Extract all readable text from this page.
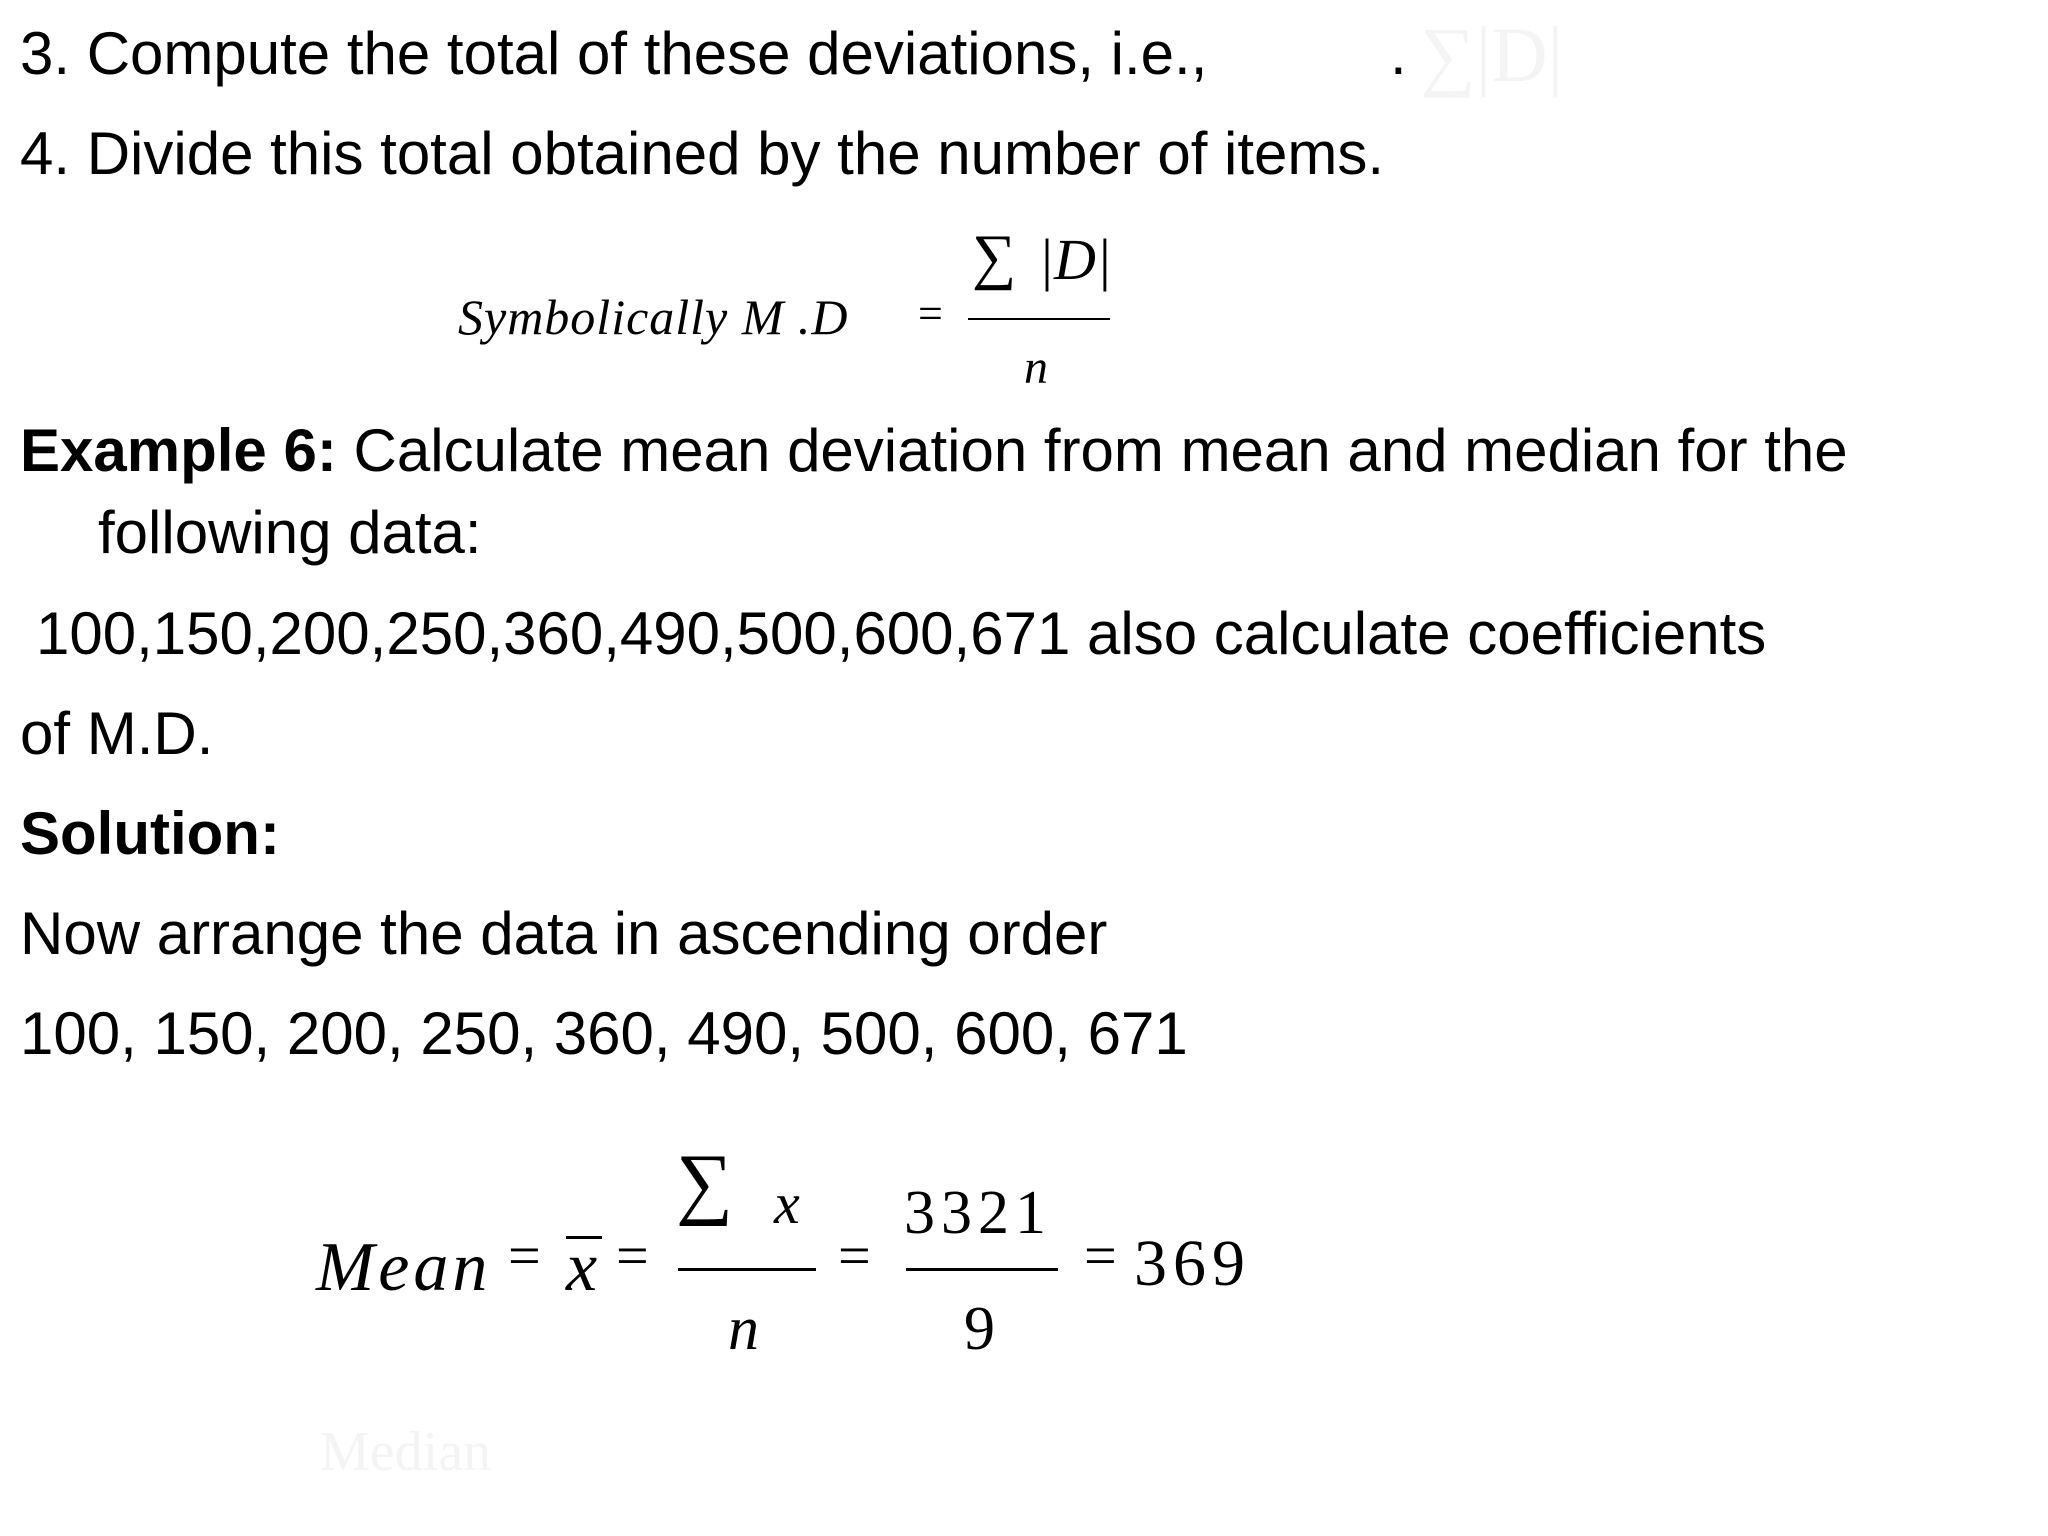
3. Compute the total of these deviations, i.e.,	. ∑|D|
4. Divide this total obtained by the number of items.
Symbolically M .D =
∑ |D|
n
Example 6: Calculate mean deviation from mean and median for the
following data:
100,150,200,250,360,490,500,600,671 also calculate coefficients
of M.D.
Solution:
Now arrange the data in ascending order
100, 150, 200, 250, 360, 490, 500, 600, 671
Mean = x =
∑ x
n
=
3321
9
= 369
Median
